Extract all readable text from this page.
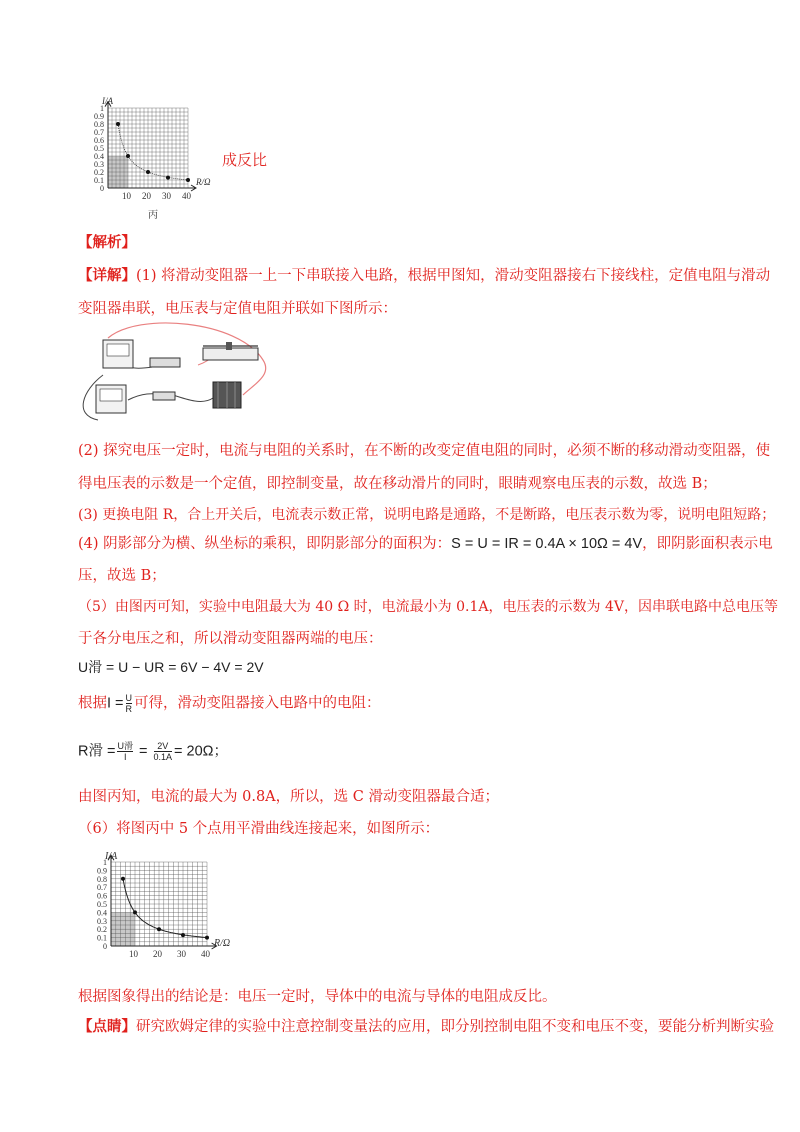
0.9
0.8
0.7
0.6
0.5
0.4
0.3
0.2
0.1
1
0
10 20 30 40
I/A
R/Ω
丙
成反比
【解析】
【详解】(1) 将滑动变阻器一上一下串联接入电路，根据甲图知，滑动变阻器接右下接线柱，定值电阻与滑动
变阻器串联，电压表与定值电阻并联如下图所示：
(2) 探究电压一定时，电流与电阻的关系时，在不断的改变定值电阻的同时，必须不断的移动滑动变阻器，使
得电压表的示数是一个定值，即控制变量，故在移动滑片的同时，眼睛观察电压表的示数，故选 B；
(3) 更换电阻 R，合上开关后，电流表示数正常，说明电路是通路，不是断路，电压表示数为零，说明电阻短路；
(4) 阴影部分为横、纵坐标的乘积，即阴影部分的面积为：S = U = IR = 0.4A × 10Ω = 4V，即阴影面积表示电
压，故选 B；
（5）由图丙可知，实验中电阻最大为 40 Ω 时，电流最小为 0.1A，电压表的示数为 4V，因串联电路中总电压等
于各分电压之和，所以滑动变阻器两端的电压：
U滑 = U − UR = 6V − 4V = 2V
根据$I = \frac{U}{R}$ 可得，滑动变阻器接入电路中的电阻：
R滑 = $\frac{\text{U滑}}{I} = \frac{2V}{0.1A} = 20\Omega$；
由图丙知，电流的最大为 0.8A，所以，选 C 滑动变阻器最合适；
（6）将图丙中 5 个点用平滑曲线连接起来，如图所示：
0.9
0.8
0.7
0.6
0.5
0.4
0.3
0.2
0.1
1
0
10 20 30 40
I/A
R/Ω
根据图象得出的结论是：电压一定时，导体中的电流与导体的电阻成反比。
【点睛】研究欧姆定律的实验中注意控制变量法的应用，即分别控制电阻不变和电压不变，要能分析判断实验
